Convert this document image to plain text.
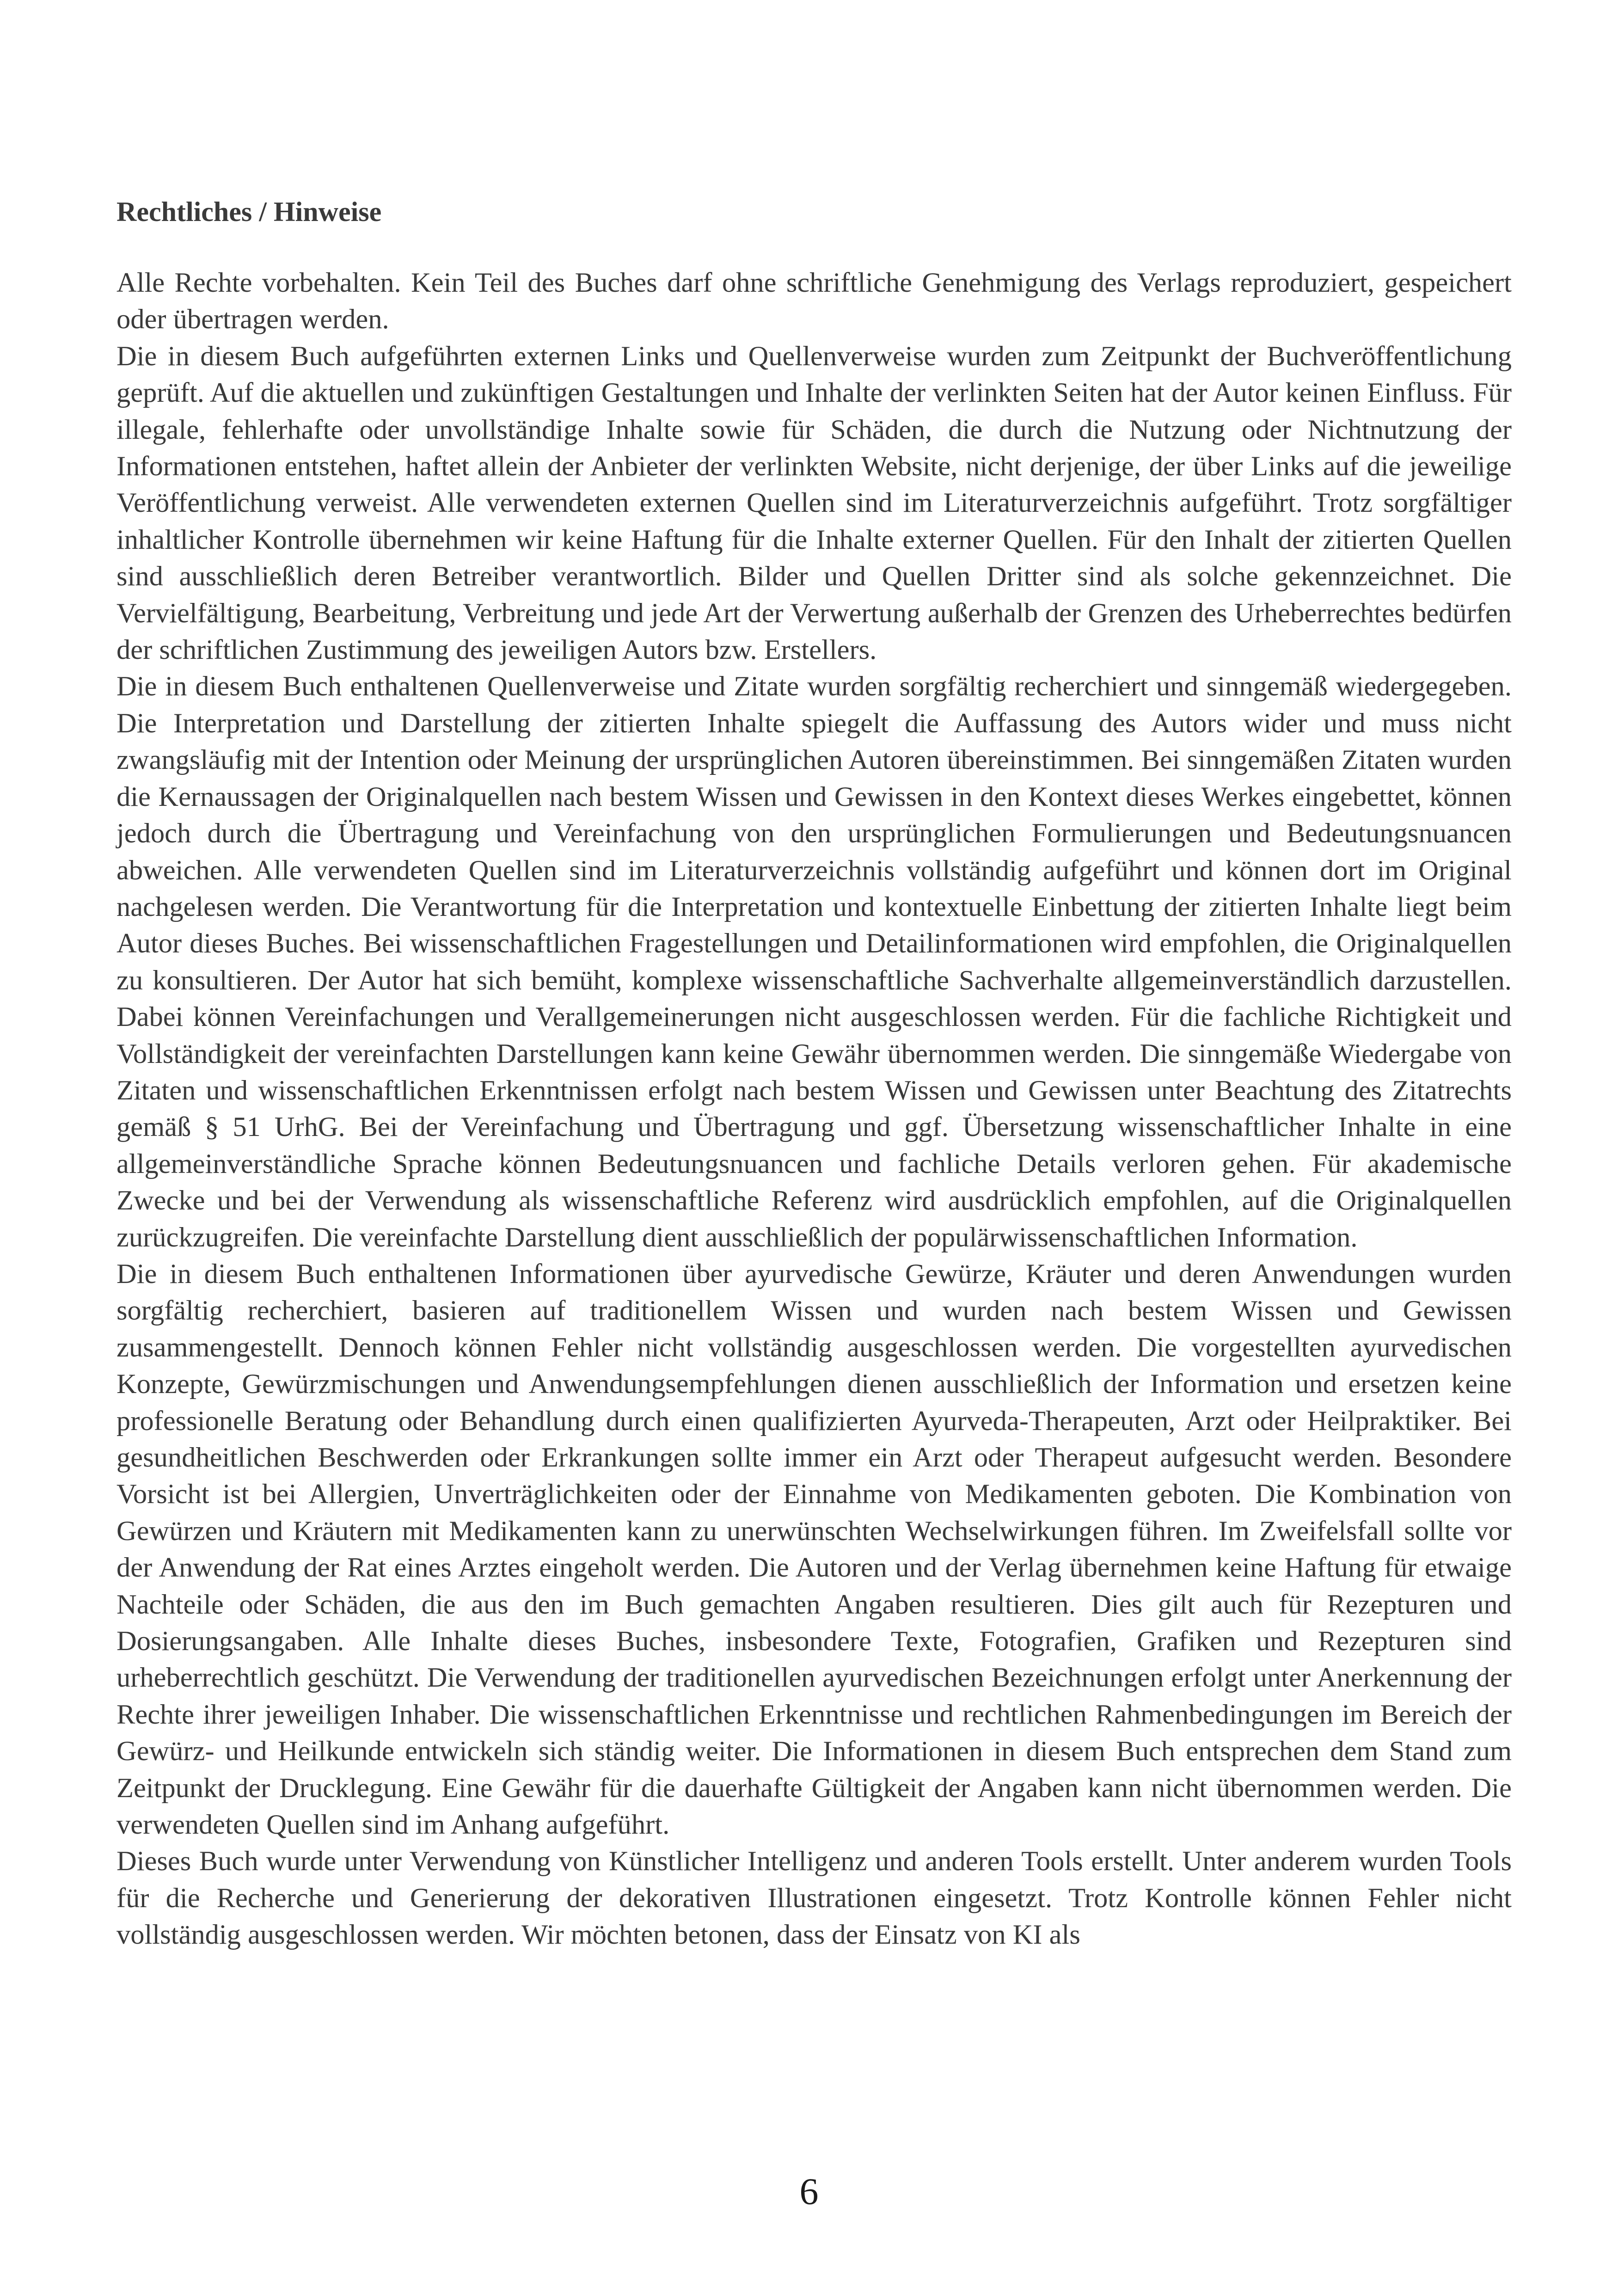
Rechtliches / Hinweise

Alle Rechte vorbehalten. Kein Teil des Buches darf ohne schriftliche Genehmigung des Verlags reproduziert, gespeichert oder übertragen werden.

Die in diesem Buch aufgeführten externen Links und Quellenverweise wurden zum Zeitpunkt der Buchveröffentlichung geprüft. Auf die aktuellen und zukünftigen Gestaltungen und Inhalte der verlinkten Seiten hat der Autor keinen Einfluss. Für illegale, fehlerhafte oder unvollständige Inhalte sowie für Schäden, die durch die Nutzung oder Nichtnutzung der Informationen entstehen, haftet allein der Anbieter der verlinkten Website, nicht derjenige, der über Links auf die jeweilige Veröffentlichung verweist. Alle verwendeten externen Quellen sind im Literaturverzeichnis aufgeführt. Trotz sorgfältiger inhaltlicher Kontrolle übernehmen wir keine Haftung für die Inhalte externer Quellen. Für den Inhalt der zitierten Quellen sind ausschließlich deren Betreiber verantwortlich. Bilder und Quellen Dritter sind als solche gekennzeichnet. Die Vervielfältigung, Bearbeitung, Verbreitung und jede Art der Verwertung außerhalb der Grenzen des Urheberrechtes bedürfen der schriftlichen Zustimmung des jeweiligen Autors bzw. Erstellers.

Die in diesem Buch enthaltenen Quellenverweise und Zitate wurden sorgfältig recherchiert und sinngemäß wiedergegeben. Die Interpretation und Darstellung der zitierten Inhalte spiegelt die Auffassung des Autors wider und muss nicht zwangsläufig mit der Intention oder Meinung der ursprünglichen Autoren übereinstimmen. Bei sinngemäßen Zitaten wurden die Kernaussagen der Originalquellen nach bestem Wissen und Gewissen in den Kontext dieses Werkes eingebettet, können jedoch durch die Übertragung und Vereinfachung von den ursprünglichen Formulierungen und Bedeutungsnuancen abweichen. Alle verwendeten Quellen sind im Literaturverzeichnis vollständig aufgeführt und können dort im Original nachgelesen werden. Die Verantwortung für die Interpretation und kontextuelle Einbettung der zitierten Inhalte liegt beim Autor dieses Buches. Bei wissenschaftlichen Fragestellungen und Detailinformationen wird empfohlen, die Originalquellen zu konsultieren. Der Autor hat sich bemüht, komplexe wissenschaftliche Sachverhalte allgemeinverständlich darzustellen. Dabei können Vereinfachungen und Verallgemeinerungen nicht ausgeschlossen werden. Für die fachliche Richtigkeit und Vollständigkeit der vereinfachten Darstellungen kann keine Gewähr übernommen werden. Die sinngemäße Wiedergabe von Zitaten und wissenschaftlichen Erkenntnissen erfolgt nach bestem Wissen und Gewissen unter Beachtung des Zitatrechts gemäß § 51 UrhG. Bei der Vereinfachung und Übertragung und ggf. Übersetzung wissenschaftlicher Inhalte in eine allgemeinverständliche Sprache können Bedeutungsnuancen und fachliche Details verloren gehen. Für akademische Zwecke und bei der Verwendung als wissenschaftliche Referenz wird ausdrücklich empfohlen, auf die Originalquellen zurückzugreifen. Die vereinfachte Darstellung dient ausschließlich der populärwissenschaftlichen Information.

Die in diesem Buch enthaltenen Informationen über ayurvedische Gewürze, Kräuter und deren Anwendungen wurden sorgfältig recherchiert, basieren auf traditionellem Wissen und wurden nach bestem Wissen und Gewissen zusammengestellt. Dennoch können Fehler nicht vollständig ausgeschlossen werden. Die vorgestellten ayurvedischen Konzepte, Gewürzmischungen und Anwendungsempfehlungen dienen ausschließlich der Information und ersetzen keine professionelle Beratung oder Behandlung durch einen qualifizierten Ayurveda-Therapeuten, Arzt oder Heilpraktiker. Bei gesundheitlichen Beschwerden oder Erkrankungen sollte immer ein Arzt oder Therapeut aufgesucht werden. Besondere Vorsicht ist bei Allergien, Unverträglichkeiten oder der Einnahme von Medikamenten geboten. Die Kombination von Gewürzen und Kräutern mit Medikamenten kann zu unerwünschten Wechselwirkungen führen. Im Zweifelsfall sollte vor der Anwendung der Rat eines Arztes eingeholt werden. Die Autoren und der Verlag übernehmen keine Haftung für etwaige Nachteile oder Schäden, die aus den im Buch gemachten Angaben resultieren. Dies gilt auch für Rezepturen und Dosierungsangaben. Alle Inhalte dieses Buches, insbesondere Texte, Fotografien, Grafiken und Rezepturen sind urheberrechtlich geschützt. Die Verwendung der traditionellen ayurvedischen Bezeichnungen erfolgt unter Anerkennung der Rechte ihrer jeweiligen Inhaber. Die wissenschaftlichen Erkenntnisse und rechtlichen Rahmenbedingungen im Bereich der Gewürz- und Heilkunde entwickeln sich ständig weiter. Die Informationen in diesem Buch entsprechen dem Stand zum Zeitpunkt der Drucklegung. Eine Gewähr für die dauerhafte Gültigkeit der Angaben kann nicht übernommen werden. Die verwendeten Quellen sind im Anhang aufgeführt.

Dieses Buch wurde unter Verwendung von Künstlicher Intelligenz und anderen Tools erstellt. Unter anderem wurden Tools für die Recherche und Generierung der dekorativen Illustrationen eingesetzt. Trotz Kontrolle können Fehler nicht vollständig ausgeschlossen werden. Wir möchten betonen, dass der Einsatz von KI als

6
